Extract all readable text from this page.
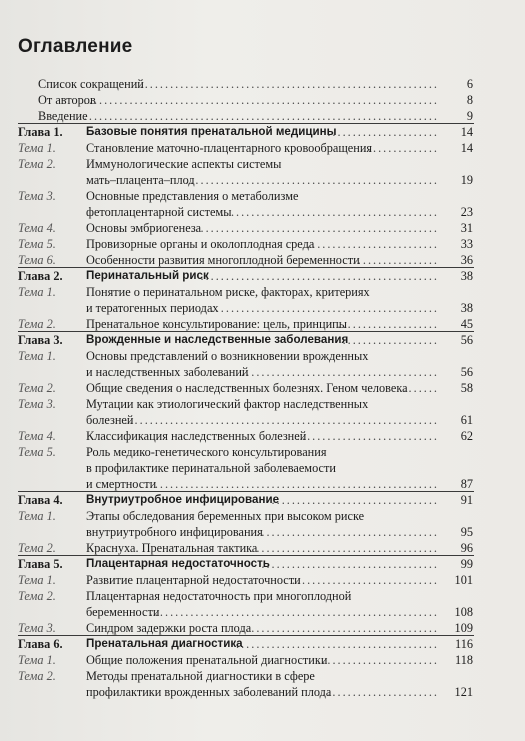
Оглавление
Список сокращений
............................................................ 6
От авторов
...................................................................... 8
Введение
....................................................................... 9
Глава 1. Базовые понятия пренатальной медицины
...................... 14
Тема 1. Становление маточно-плацентарного кровообращения
............... 14
Тема 2. Иммунологические аспекты системы
мать–плацента–плод
.................................................. 19
Тема 3. Основные представления о метаболизме
фетоплацентарной системы
........................................... 23
Тема 4. Основы эмбриогенеза
................................................. 31
Тема 5. Провизорные органы и околоплодная среда
.......................... 33
Тема 6. Особенности развития многоплодной беременности
................. 36
Глава 2. Перинатальный риск
............................................... 38
Тема 1. Понятие о перинатальном риске, факторах, критериях
и тератогенных периодах
............................................. 38
Тема 2. Пренатальное консультирование: цель, принципы
.................... 45
Глава 3. Врожденные и наследственные заболевания
................... 56
Тема 1. Основы представлений о возникновении врожденных
и наследственных заболеваний
....................................... 56
Тема 2. Общие сведения о наследственных болезнях. Геном человека
....... 58
Тема 3. Мутации как этиологический фактор наследственных
болезней
.............................................................. 61
Тема 4. Классификация наследственных болезней
............................ 62
Тема 5. Роль медико-генетического консультирования
в профилактике перинатальной заболеваемости
и смертности
.......................................................... 87
Глава 4. Внутриутробное инфицирование
................................. 91
Тема 1. Этапы обследования беременных при высоком риске
внутриутробного инфицирования
.................................... 95
Тема 2. Краснуха. Пренатальная тактика
...................................... 96
Глава 5. Плацентарная недостаточность
................................... 99
Тема 1. Развитие плацентарной недостаточности
............................. 101
Тема 2. Плацентарная недостаточность при многоплодной
беременности
......................................................... 108
Тема 3. Синдром задержки роста плода
....................................... 109
Глава 6. Пренатальная диагностика
........................................ 116
Тема 1. Общие положения пренатальной диагностики
........................ 118
Тема 2. Методы пренатальной диагностики в сфере
профилактики врожденных заболеваний плода
....................... 121
